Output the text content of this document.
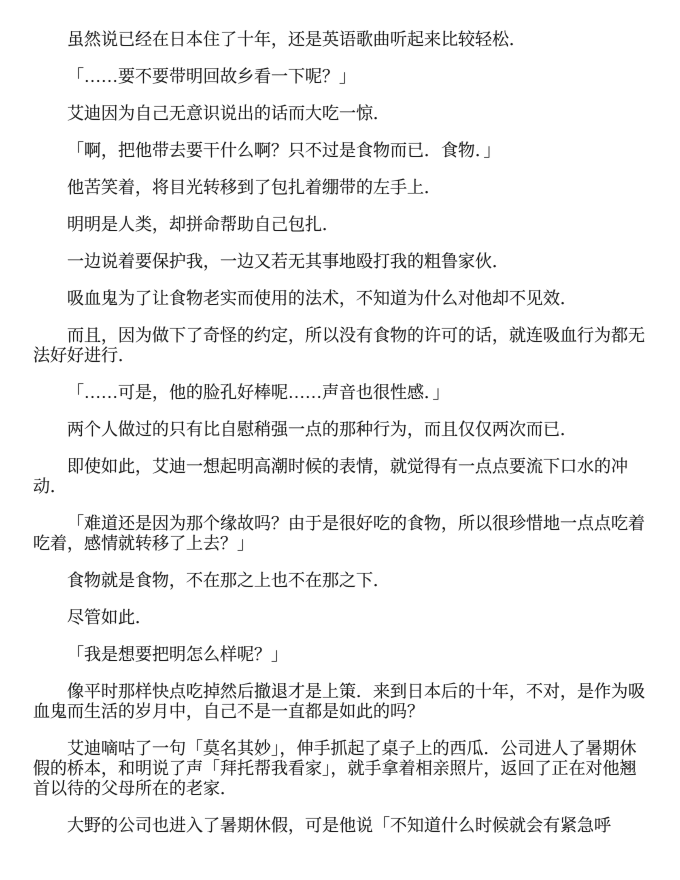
虽然说已经在日本住了十年，还是英语歌曲听起来比较轻松．
「……要不要带明回故乡看一下呢？」
艾迪因为自己无意识说出的话而大吃一惊．
「啊，把他带去要干什么啊？只不过是食物而已．食物．」
他苦笑着，将目光转移到了包扎着绷带的左手上．
明明是人类，却拼命帮助自己包扎．
一边说着要保护我，一边又若无其事地殴打我的粗鲁家伙．
吸血鬼为了让食物老实而使用的法术，不知道为什么对他却不见效．
而且，因为做下了奇怪的约定，所以没有食物的许可的话，就连吸血行为都无
法好好进行．
「……可是，他的脸孔好棒呢……声音也很性感．」
两个人做过的只有比自慰稍强一点的那种行为，而且仅仅两次而已．
即使如此，艾迪一想起明高潮时候的表情，就觉得有一点点要流下口水的冲
动．
「难道还是因为那个缘故吗？由于是很好吃的食物，所以很珍惜地一点点吃着
吃着，感情就转移了上去？」
食物就是食物，不在那之上也不在那之下．
尽管如此．
「我是想要把明怎么样呢？」
像平时那样快点吃掉然后撤退才是上策．来到日本后的十年，不对，是作为吸
血鬼而生活的岁月中，自己不是一直都是如此的吗？
艾迪嘀咕了一句「莫名其妙」，伸手抓起了桌子上的西瓜．公司进人了暑期休
假的桥本，和明说了声「拜托帮我看家」，就手拿着相亲照片，返回了正在对他翘
首以待的父母所在的老家．
大野的公司也进入了暑期休假，可是他说「不知道什么时候就会有紧急呼
